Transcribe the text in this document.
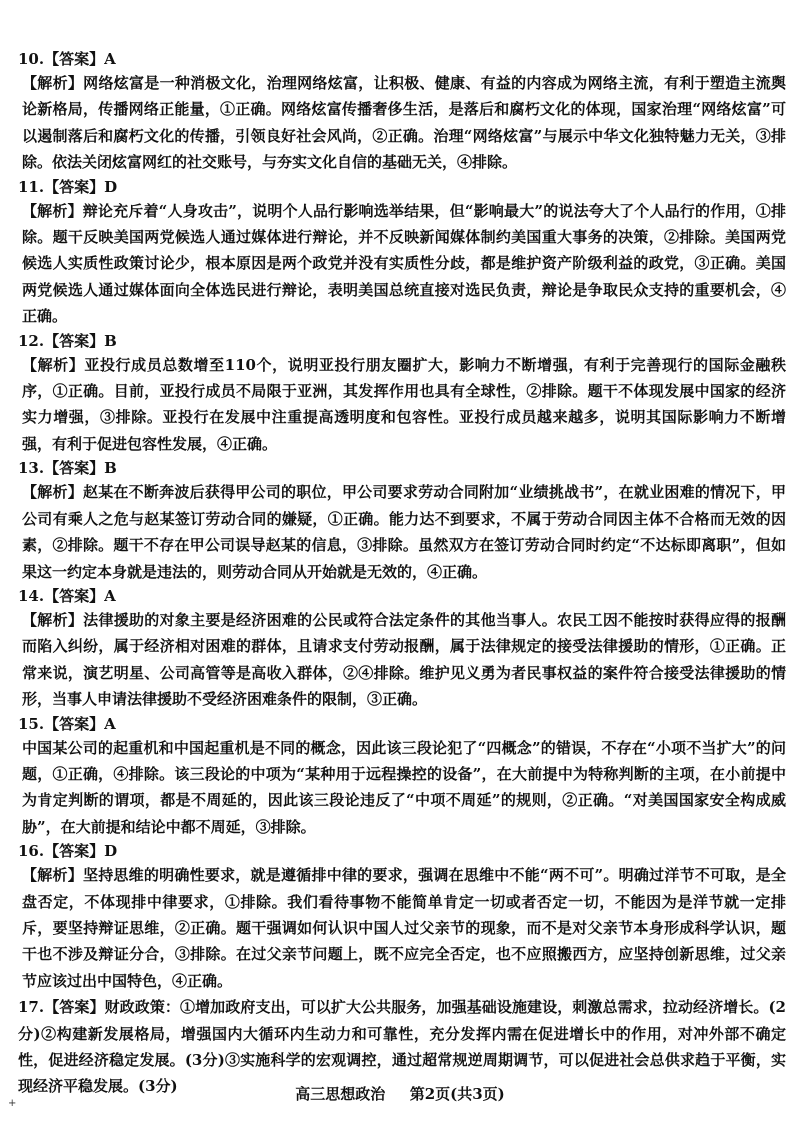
10.【答案】A

【解析】网络炫富是一种消极文化，治理网络炫富，让积极、健康、有益的内容成为网络主流，有利于塑造主流舆论新格局，传播网络正能量，①正确。网络炫富传播奢侈生活，是落后和腐朽文化的体现，国家治理“网络炫富”可以遏制落后和腐朽文化的传播，引领良好社会风尚，②正确。治理“网络炫富”与展示中华文化独特魅力无关，③排除。依法关闭炫富网红的社交账号，与夯实文化自信的基础无关，④排除。

11.【答案】D

【解析】辩论充斥着“人身攻击”，说明个人品行影响选举结果，但“影响最大”的说法夸大了个人品行的作用，①排除。题干反映美国两党候选人通过媒体进行辩论，并不反映新闻媒体制约美国重大事务的决策，②排除。美国两党候选人实质性政策讨论少，根本原因是两个政党并没有实质性分歧，都是维护资产阶级利益的政党，③正确。美国两党候选人通过媒体面向全体选民进行辩论，表明美国总统直接对选民负责，辩论是争取民众支持的重要机会，④正确。

12.【答案】B

【解析】亚投行成员总数增至110个，说明亚投行朋友圈扩大，影响力不断增强，有利于完善现行的国际金融秩序，①正确。目前，亚投行成员不局限于亚洲，其发挥作用也具有全球性，②排除。题干不体现发展中国家的经济实力增强，③排除。亚投行在发展中注重提高透明度和包容性。亚投行成员越来越多，说明其国际影响力不断增强，有利于促进包容性发展，④正确。

13.【答案】B

【解析】赵某在不断奔波后获得甲公司的职位，甲公司要求劳动合同附加“业绩挑战书”，在就业困难的情况下，甲公司有乘人之危与赵某签订劳动合同的嫌疑，①正确。能力达不到要求，不属于劳动合同因主体不合格而无效的因素，②排除。题干不存在甲公司误导赵某的信息，③排除。虽然双方在签订劳动合同时约定“不达标即离职”，但如果这一约定本身就是违法的，则劳动合同从开始就是无效的，④正确。

14.【答案】A

【解析】法律援助的对象主要是经济困难的公民或符合法定条件的其他当事人。农民工因不能按时获得应得的报酬而陷入纠纷，属于经济相对困难的群体，且请求支付劳动报酬，属于法律规定的接受法律援助的情形，①正确。正常来说，演艺明星、公司高管等是高收入群体，②④排除。维护见义勇为者民事权益的案件符合接受法律援助的情形，当事人申请法律援助不受经济困难条件的限制，③正确。

15.【答案】A

中国某公司的起重机和中国起重机是不同的概念，因此该三段论犯了“四概念”的错误，不存在“小项不当扩大”的问题，①正确，④排除。该三段论的中项为“某种用于远程操控的设备”，在大前提中为特称判断的主项，在小前提中为肯定判断的谓项，都是不周延的，因此该三段论违反了“中项不周延”的规则，②正确。“对美国国家安全构成威胁”，在大前提和结论中都不周延，③排除。

16.【答案】D

【解析】坚持思维的明确性要求，就是遵循排中律的要求，强调在思维中不能“两不可”。明确过洋节不可取，是全盘否定，不体现排中律要求，①排除。我们看待事物不能简单肯定一切或者否定一切，不能因为是洋节就一定排斥，要坚持辩证思维，②正确。题干强调如何认识中国人过父亲节的现象，而不是对父亲节本身形成科学认识，题干也不涉及辩证分合，③排除。在过父亲节问题上，既不应完全否定，也不应照搬西方，应坚持创新思维，过父亲节应该过出中国特色，④正确。

17.【答案】财政政策：①增加政府支出，可以扩大公共服务，加强基础设施建设，刺激总需求，拉动经济增长。(2分)②构建新发展格局，增强国内大循环内生动力和可靠性，充分发挥内需在促进增长中的作用，对冲外部不确定性，促进经济稳定发展。(3分)③实施科学的宏观调控，通过超常规逆周期调节，可以促进社会总供求趋于平衡，实现经济平稳发展。(3分)	高三思想政治 第2页(共3页)
+
